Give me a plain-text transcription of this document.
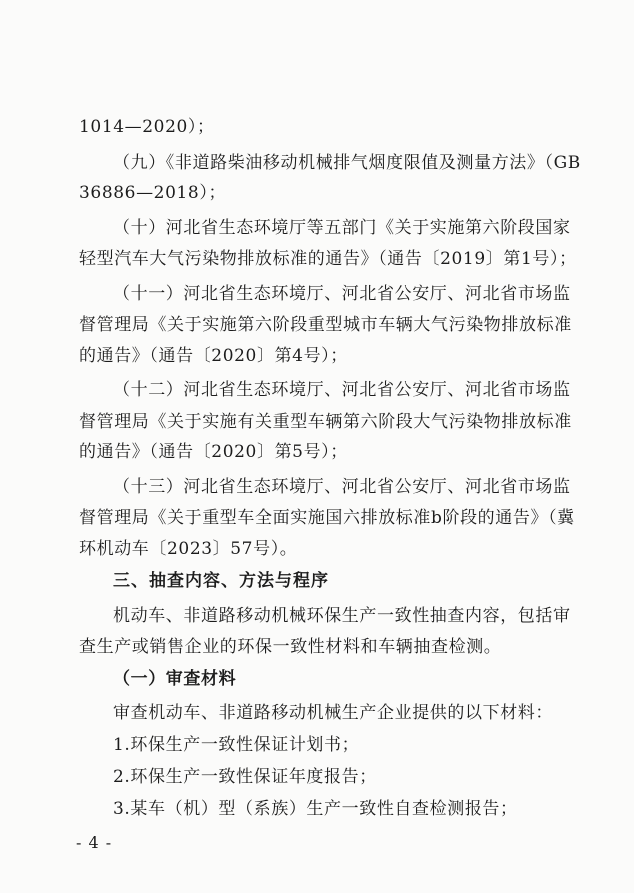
1014—2020）；
（九）《非道路柴油移动机械排气烟度限值及测量方法》（GB
36886—2018）；
（十）河北省生态环境厅等五部门《关于实施第六阶段国家
轻型汽车大气污染物排放标准的通告》（通告〔2019〕第1号）；
（十一）河北省生态环境厅、河北省公安厅、河北省市场监
督管理局《关于实施第六阶段重型城市车辆大气污染物排放标准
的通告》（通告〔2020〕第4号）；
（十二）河北省生态环境厅、河北省公安厅、河北省市场监
督管理局《关于实施有关重型车辆第六阶段大气污染物排放标准
的通告》（通告〔2020〕第5号）；
（十三）河北省生态环境厅、河北省公安厅、河北省市场监
督管理局《关于重型车全面实施国六排放标准b阶段的通告》（冀
环机动车〔2023〕57号）。
三、抽查内容、方法与程序
机动车、非道路移动机械环保生产一致性抽查内容，包括审
查生产或销售企业的环保一致性材料和车辆抽查检测。
（一）审查材料
审查机动车、非道路移动机械生产企业提供的以下材料：
1.环保生产一致性保证计划书；
2.环保生产一致性保证年度报告；
3.某车（机）型（系族）生产一致性自查检测报告；
- 4 -
